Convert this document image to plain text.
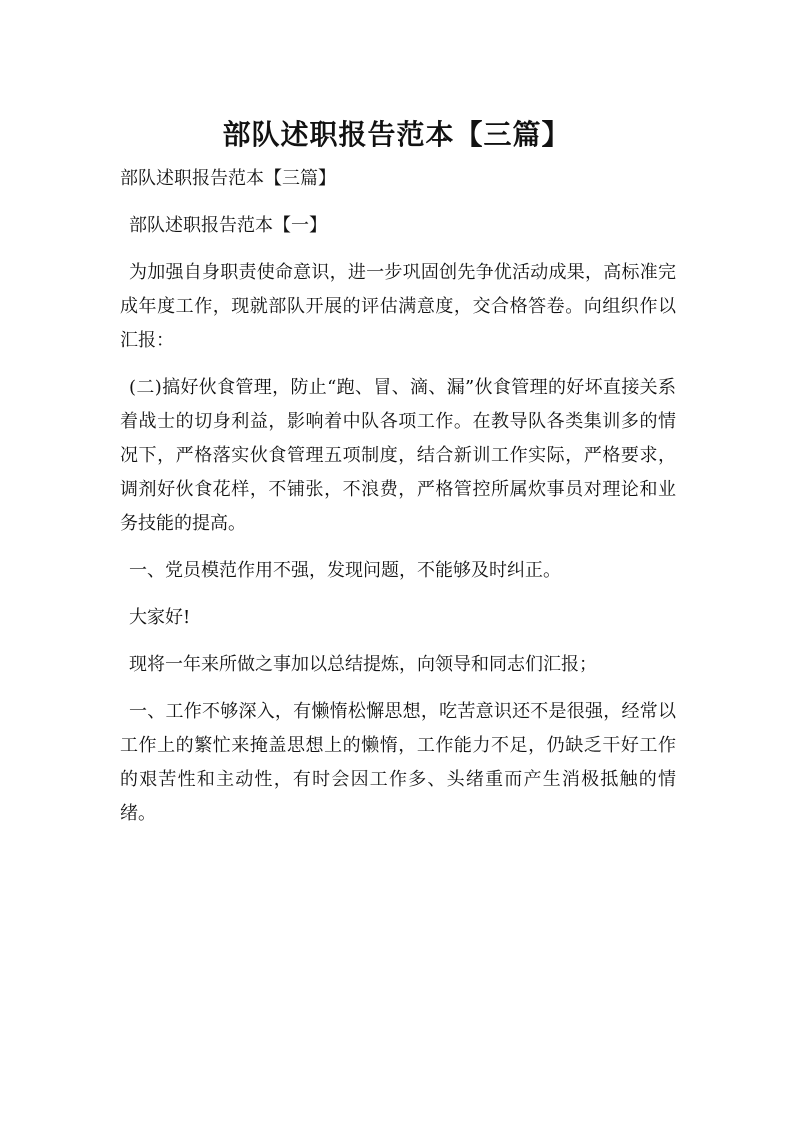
部队述职报告范本【三篇】

部队述职报告范本【三篇】

部队述职报告范本【一】

为加强自身职责使命意识，进一步巩固创先争优活动成果，高标准完成年度工作，现就部队开展的评估满意度，交合格答卷。向组织作以汇报：

(二)搞好伙食管理，防止“跑、冒、滴、漏”伙食管理的好坏直接关系着战士的切身利益，影响着中队各项工作。在教导队各类集训多的情况下，严格落实伙食管理五项制度，结合新训工作实际，严格要求，调剂好伙食花样，不铺张，不浪费，严格管控所属炊事员对理论和业务技能的提高。

一、党员模范作用不强，发现问题，不能够及时纠正。

大家好!

现将一年来所做之事加以总结提炼，向领导和同志们汇报；

一、工作不够深入，有懒惰松懈思想，吃苦意识还不是很强，经常以工作上的繁忙来掩盖思想上的懒惰，工作能力不足，仍缺乏干好工作的艰苦性和主动性，有时会因工作多、头绪重而产生消极抵触的情绪。
